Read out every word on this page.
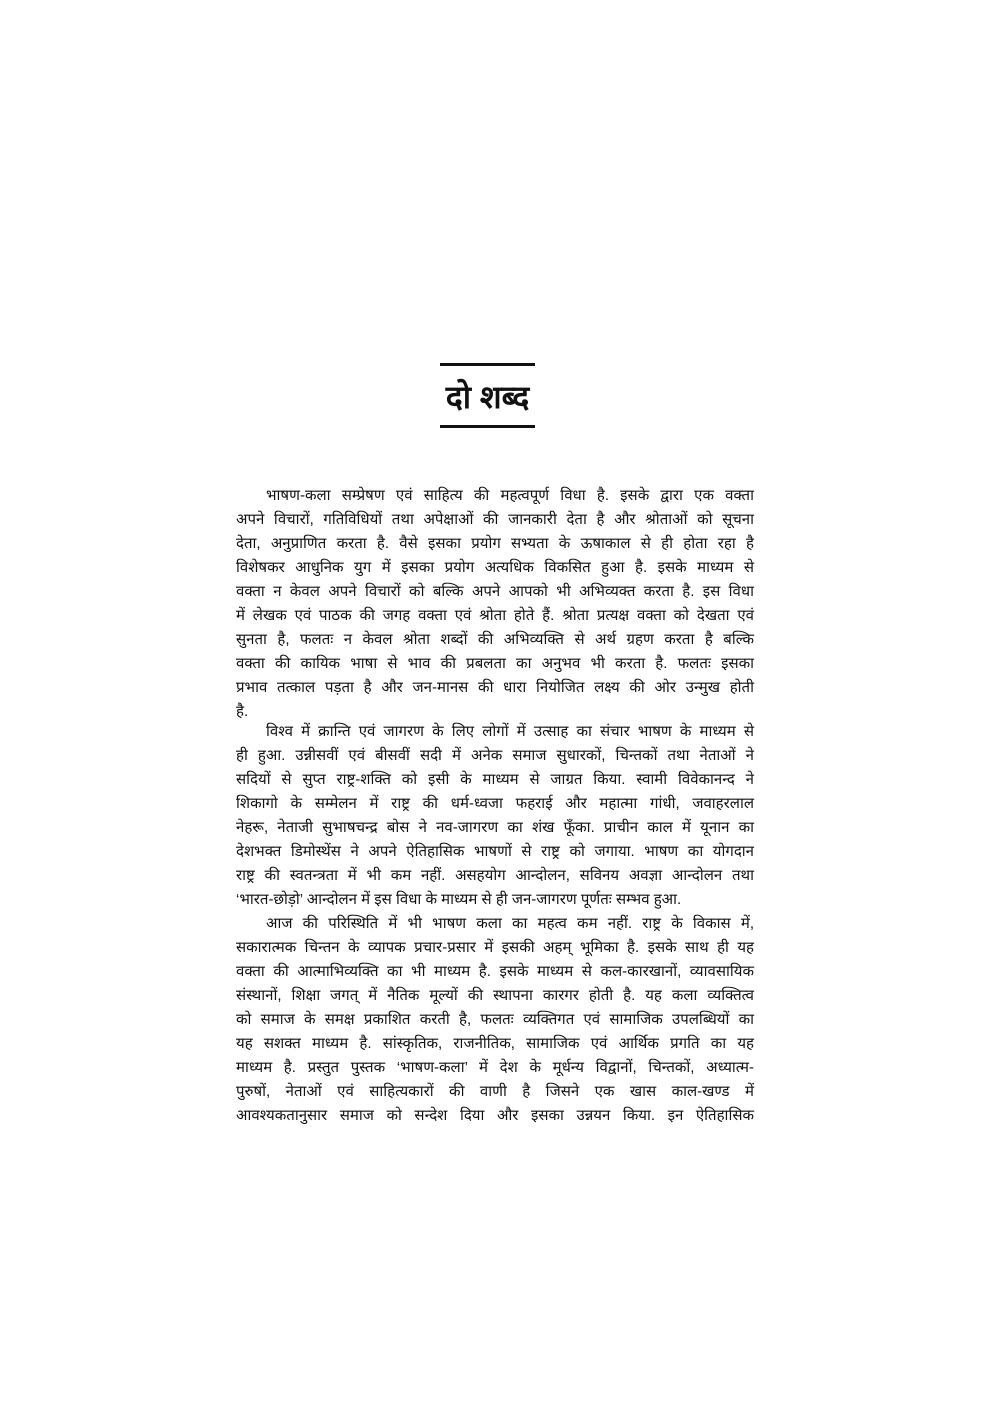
दो शब्द
भाषण-कला सम्प्रेषण एवं साहित्य की महत्वपूर्ण विधा है. इसके द्वारा एक वक्ता
अपने विचारों, गतिविधियों तथा अपेक्षाओं की जानकारी देता है और श्रोताओं को सूचना
देता, अनुप्राणित करता है. वैसे इसका प्रयोग सभ्यता के ऊषाकाल से ही होता रहा है
विशेषकर आधुनिक युग में इसका प्रयोग अत्यधिक विकसित हुआ है. इसके माध्यम से
वक्ता न केवल अपने विचारों को बल्कि अपने आपको भी अभिव्यक्त करता है. इस विधा
में लेखक एवं पाठक की जगह वक्ता एवं श्रोता होते हैं. श्रोता प्रत्यक्ष वक्ता को देखता एवं
सुनता है, फलतः न केवल श्रोता शब्दों की अभिव्यक्ति से अर्थ ग्रहण करता है बल्कि
वक्ता की कायिक भाषा से भाव की प्रबलता का अनुभव भी करता है. फलतः इसका
प्रभाव तत्काल पड़ता है और जन-मानस की धारा नियोजित लक्ष्य की ओर उन्मुख होती
है.
विश्व में क्रान्ति एवं जागरण के लिए लोगों में उत्साह का संचार भाषण के माध्यम से
ही हुआ. उन्नीसवीं एवं बीसवीं सदी में अनेक समाज सुधारकों, चिन्तकों तथा नेताओं ने
सदियों से सुप्त राष्ट्र-शक्ति को इसी के माध्यम से जाग्रत किया. स्वामी विवेकानन्द ने
शिकागो के सम्मेलन में राष्ट्र की धर्म-ध्वजा फहराई और महात्मा गांधी, जवाहरलाल
नेहरू, नेताजी सुभाषचन्द्र बोस ने नव-जागरण का शंख फूँका. प्राचीन काल में यूनान का
देशभक्त डिमोस्थेंस ने अपने ऐतिहासिक भाषणों से राष्ट्र को जगाया. भाषण का योगदान
राष्ट्र की स्वतन्त्रता में भी कम नहीं. असहयोग आन्दोलन, सविनय अवज्ञा आन्दोलन तथा
‘भारत-छोड़ो’ आन्दोलन में इस विधा के माध्यम से ही जन-जागरण पूर्णतः सम्भव हुआ.
आज की परिस्थिति में भी भाषण कला का महत्व कम नहीं. राष्ट्र के विकास में,
सकारात्मक चिन्तन के व्यापक प्रचार-प्रसार में इसकी अहम् भूमिका है. इसके साथ ही यह
वक्ता की आत्माभिव्यक्ति का भी माध्यम है. इसके माध्यम से कल-कारखानों, व्यावसायिक
संस्थानों, शिक्षा जगत् में नैतिक मूल्यों की स्थापना कारगर होती है. यह कला व्यक्तित्व
को समाज के समक्ष प्रकाशित करती है, फलतः व्यक्तिगत एवं सामाजिक उपलब्धियों का
यह सशक्त माध्यम है. सांस्कृतिक, राजनीतिक, सामाजिक एवं आर्थिक प्रगति का यह
माध्यम है. प्रस्तुत पुस्तक ‘भाषण-कला’ में देश के मूर्धन्य विद्वानों, चिन्तकों, अध्यात्म-
पुरुषों, नेताओं एवं साहित्यकारों की वाणी है जिसने एक खास काल-खण्ड में
आवश्यकतानुसार समाज को सन्देश दिया और इसका उन्नयन किया. इन ऐतिहासिक
